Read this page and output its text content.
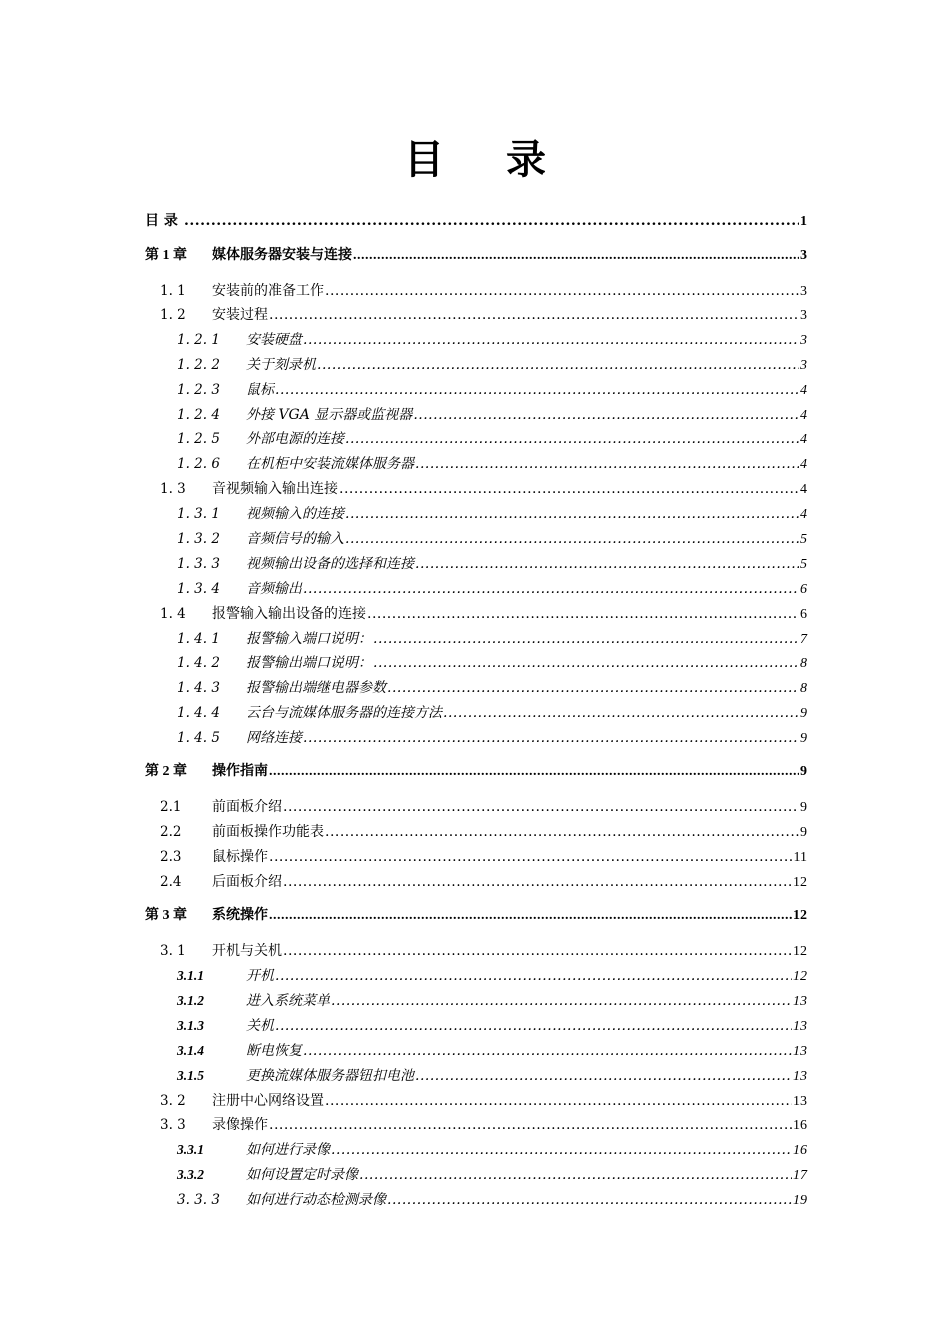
目 录
目 录 .....	1
第 1 章 媒体服务器安装与连接 .....	3
1. 1 安装前的准备工作 .....	3
1. 2 安装过程 .....	3
1. 2. 1 安装硬盘 .....	3
1. 2. 2 关于刻录机 .....	3
1. 2. 3 鼠标 .....	4
1. 2. 4 外接 VGA 显示器或监视器 .....	4
1. 2. 5 外部电源的连接 .....	4
1. 2. 6 在机柜中安装流媒体服务器 .....	4
1. 3 音视频输入输出连接 .....	4
1. 3. 1 视频输入的连接 .....	4
1. 3. 2 音频信号的输入 .....	5
1. 3. 3 视频输出设备的选择和连接 .....	5
1. 3. 4 音频输出 .....	6
1. 4 报警输入输出设备的连接 .....	6
1. 4. 1 报警输入端口说明： .....	7
1. 4. 2 报警输出端口说明： .....	8
1. 4. 3 报警输出端继电器参数 .....	8
1. 4. 4 云台与流媒体服务器的连接方法 .....	9
1. 4. 5 网络连接 .....	9
第 2 章 操作指南 .....	9
2.1 前面板介绍 .....	9
2.2 前面板操作功能表 .....	9
2.3 鼠标操作 .....	11
2.4 后面板介绍 .....	12
第 3 章 系统操作 .....	12
3. 1 开机与关机 .....	12
3.1.1	开机 .....	12
3.1.2	进入系统菜单 .....	13
3.1.3	关机 .....	13
3.1.4	断电恢复 .....	13
3.1.5	更换流媒体服务器钮扣电池 .....	13
3. 2 注册中心网络设置 .....	13
3. 3 录像操作 .....	16
3.3.1	如何进行录像 .....	16
3.3.2	如何设置定时录像 .....	17
3. 3. 3 如何进行动态检测录像 .....	19
